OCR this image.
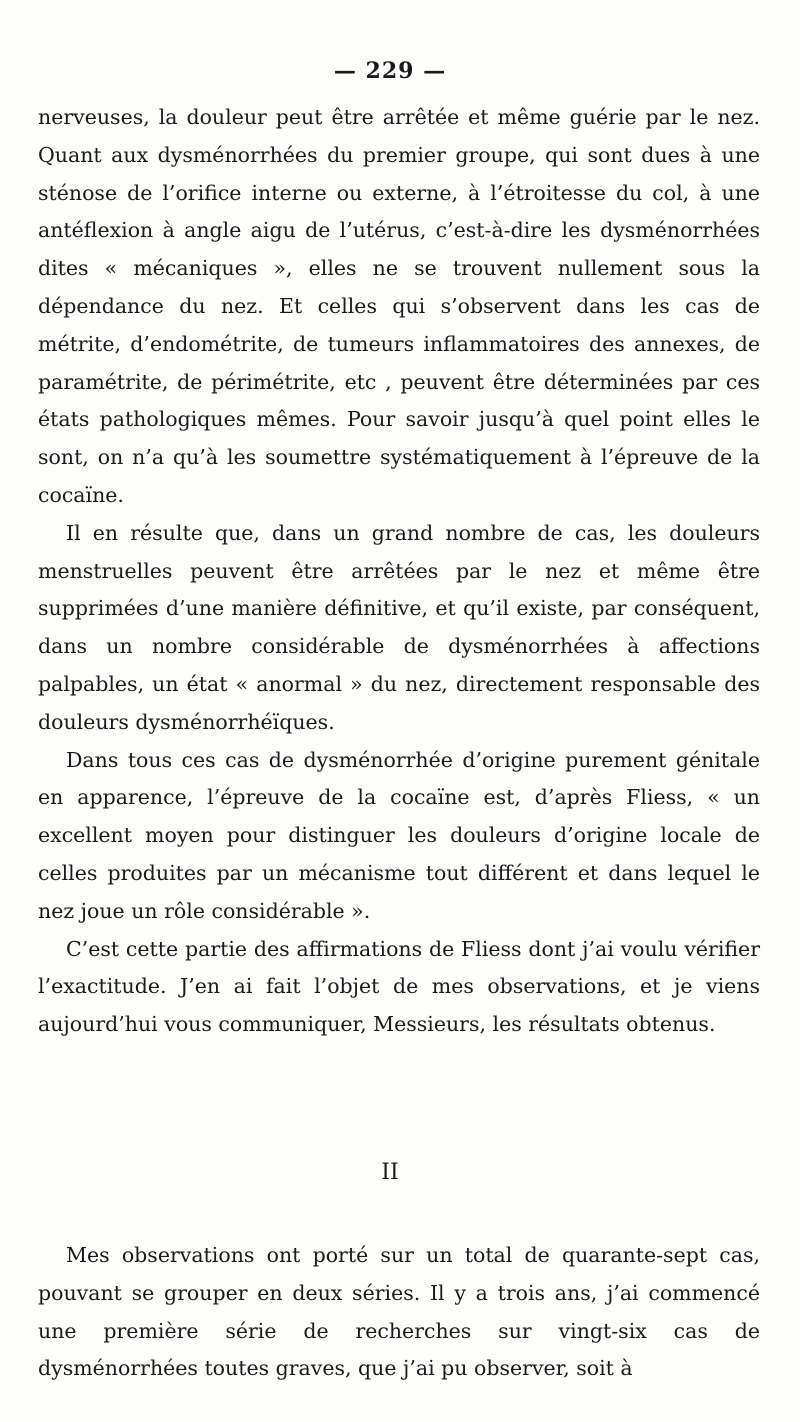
— 229 —

nerveuses, la douleur peut être arrêtée et même guérie par le nez. Quant aux dysménorrhées du premier groupe, qui sont dues à une sténose de l’orifice interne ou externe, à l’étroitesse du col, à une antéflexion à angle aigu de l’utérus, c’est-à-dire les dysménorrhées dites « mécaniques », elles ne se trouvent nullement sous la dépendance du nez. Et celles qui s’observent dans les cas de métrite, d’endométrite, de tumeurs inflammatoires des annexes, de paramétrite, de périmétrite, etc , peuvent être déterminées par ces états pathologiques mêmes. Pour savoir jusqu’à quel point elles le sont, on n’a qu’à les soumettre systématiquement à l’épreuve de la cocaïne.

Il en résulte que, dans un grand nombre de cas, les douleurs menstruelles peuvent être arrêtées par le nez et même être supprimées d’une manière définitive, et qu’il existe, par conséquent, dans un nombre considérable de dysménorrhées à affections palpables, un état « anormal » du nez, directement responsable des douleurs dysménorrhéïques.

Dans tous ces cas de dysménorrhée d’origine purement génitale en apparence, l’épreuve de la cocaïne est, d’après Fliess, « un excellent moyen pour distinguer les douleurs d’origine locale de celles produites par un mécanisme tout différent et dans lequel le nez joue un rôle considérable ».

C’est cette partie des affirmations de Fliess dont j’ai voulu vérifier l’exactitude. J’en ai fait l’objet de mes observations, et je viens aujourd’hui vous communiquer, Messieurs, les résultats obtenus.

II

Mes observations ont porté sur un total de quarante-sept cas, pouvant se grouper en deux séries. Il y a trois ans, j’ai commencé une première série de recherches sur vingt-six cas de dysménorrhées toutes graves, que j’ai pu observer, soit à
